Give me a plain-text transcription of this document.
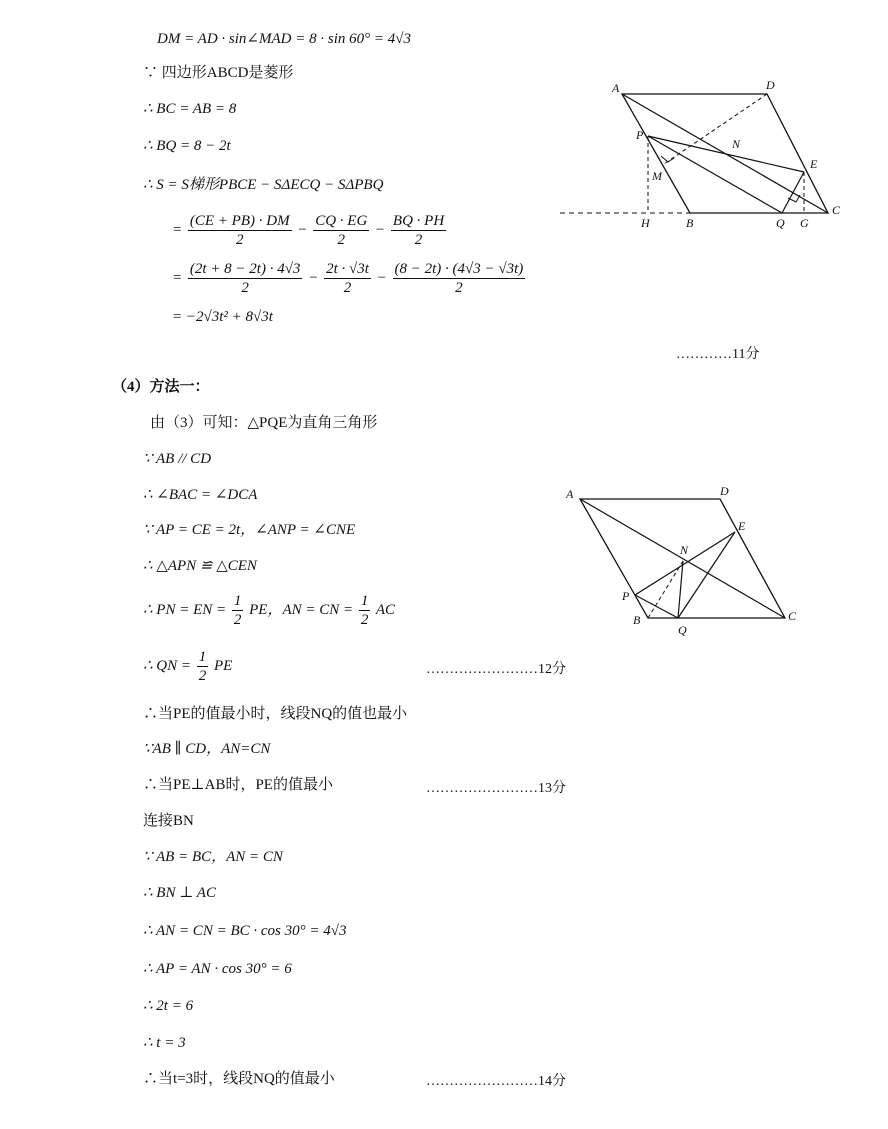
DM = AD · sin∠MAD = 8 · sin 60° = 4√3
∵ 四边形ABCD是菱形
∴ BC = AB = 8
∴ BQ = 8 − 2t
∴ S = S梯形PBCE − SΔECQ − SΔPBQ
= $\frac{(CE + PB) \cdot DM}{2} - \frac{CQ \cdot EG}{2} - \frac{BQ \cdot PH}{2}$
= $\frac{(2t + 8 - 2t) \cdot 4√3}{2} - \frac{2t \cdot √3t}{2} - \frac{(8 - 2t) \cdot (4√3 - √3t)}{2}$
= −2√3t² + 8√3t
…………11分
A	D
P
N
M
E
H	B	Q G
C
（4）方法一：
由（3）可知：△PQE为直角三角形
∵ AB // CD
∴ ∠BAC = ∠DCA
∵ AP = CE = 2t，∠ANP = ∠CNE
∴ △APN ≌ △CEN
∴ PN = EN = $\frac{1}{2}$ PE，AN = CN = $\frac{1}{2}$ AC
∴ QN = $\frac{1}{2}$ PE	……………………12分
∴当PE的值最小时，线段NQ的值也最小
∵AB ∥ CD，AN=CN
∴当PE⊥AB时，PE的值最小	……………………13分
连接BN
∵ AB = BC，AN = CN
∴ BN ⊥ AC
∴ AN = CN = BC · cos 30° = 4√3
∴ AP = AN · cos 30° = 6
∴ 2t = 6
∴ t = 3
∴当t=3时，线段NQ的值最小	……………………14分
A	D
E
N
P
B
Q
C
